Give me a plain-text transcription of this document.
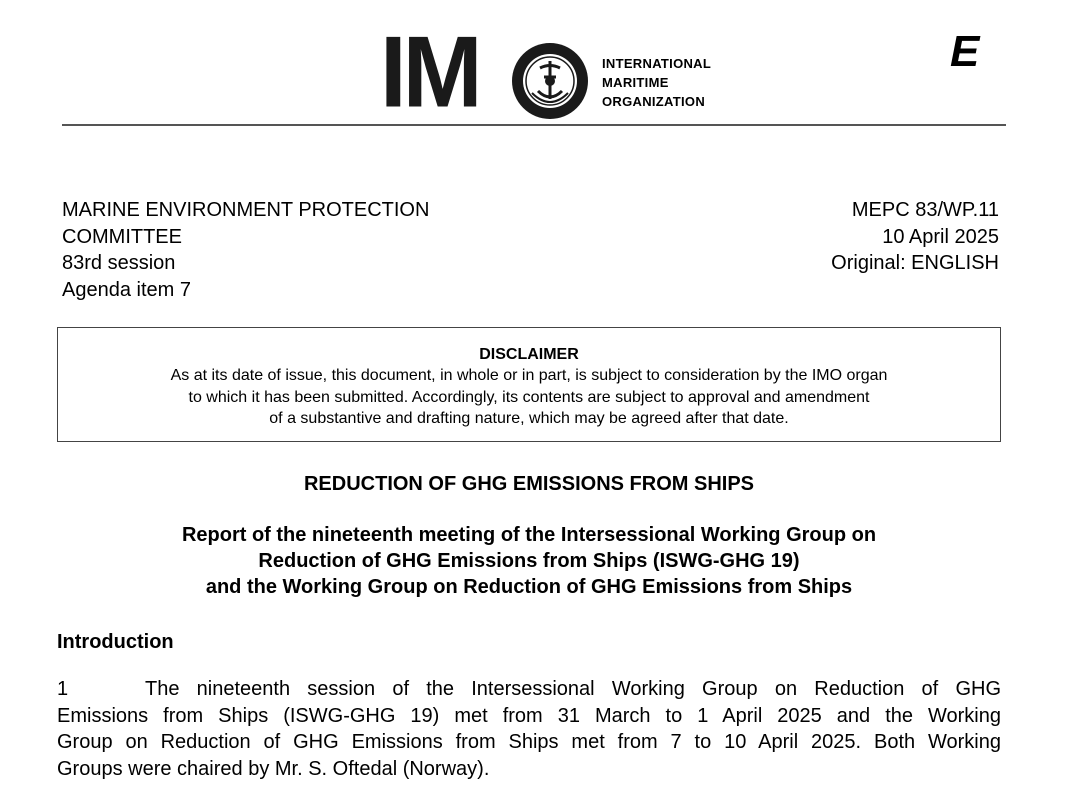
IM	INTERNATIONAL
MARITIME
ORGANIZATION
E
MARINE ENVIRONMENT PROTECTION
COMMITTEE
83rd session
Agenda item 7
MEPC 83/WP.11
10 April 2025
Original: ENGLISH
DISCLAIMER
As at its date of issue, this document, in whole or in part, is subject to consideration by the IMO organ
to which it has been submitted. Accordingly, its contents are subject to approval and amendment
of a substantive and drafting nature, which may be agreed after that date.
REDUCTION OF GHG EMISSIONS FROM SHIPS
Report of the nineteenth meeting of the Intersessional Working Group on
Reduction of GHG Emissions from Ships (ISWG-GHG 19)
and the Working Group on Reduction of GHG Emissions from Ships
Introduction
1	The nineteenth session of the Intersessional Working Group on Reduction of GHG
Emissions from Ships (ISWG-GHG 19) met from 31 March to 1 April 2025 and the Working
Group on Reduction of GHG Emissions from Ships met from 7 to 10 April 2025. Both Working
Groups were chaired by Mr. S. Oftedal (Norway).
